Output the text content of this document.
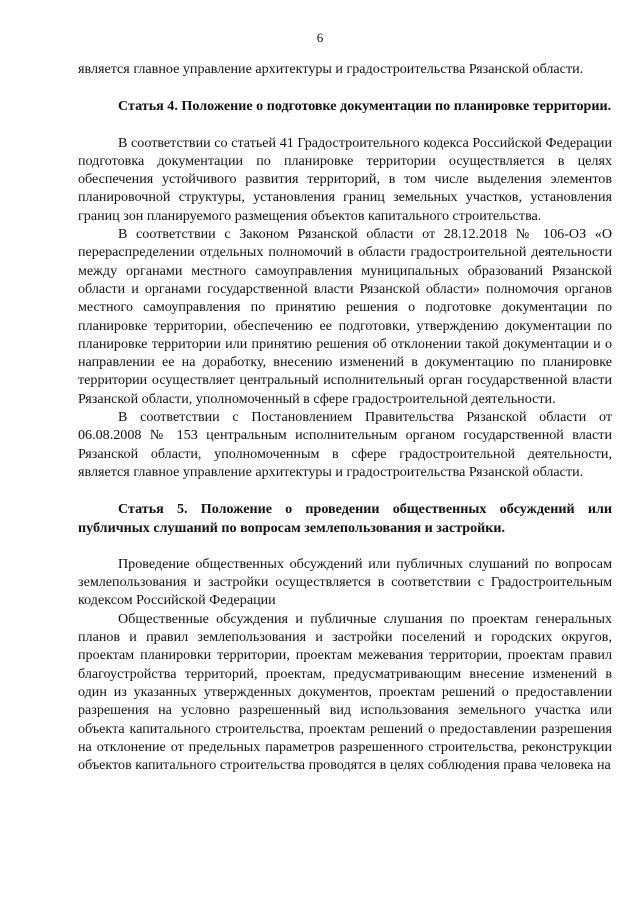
6

является главное управление архитектуры и градостроительства Рязанской области.

Статья 4. Положение о подготовке документации по планировке территории.

В соответствии со статьей 41 Градостроительного кодекса Российской Федерации подготовка документации по планировке территории осуществляется в целях обеспечения устойчивого развития территорий, в том числе выделения элементов планировочной структуры, установления границ земельных участков, установления границ зон планируемого размещения объектов капитального строительства.

В соответствии с Законом Рязанской области от 28.12.2018 № 106-ОЗ «О перераспределении отдельных полномочий в области градостроительной деятельности между органами местного самоуправления муниципальных образований Рязанской области и органами государственной власти Рязанской области» полномочия органов местного самоуправления по принятию решения о подготовке документации по планировке территории, обеспечению ее подготовки, утверждению документации по планировке территории или принятию решения об отклонении такой документации и о направлении ее на доработку, внесению изменений в документацию по планировке территории осуществляет центральный исполнительный орган государственной власти Рязанской области, уполномоченный в сфере градостроительной деятельности.

В соответствии с Постановлением Правительства Рязанской области от 06.08.2008 № 153 центральным исполнительным органом государственной власти Рязанской области, уполномоченным в сфере градостроительной деятельности, является главное управление архитектуры и градостроительства Рязанской области.

Статья 5. Положение о проведении общественных обсуждений или публичных слушаний по вопросам землепользования и застройки.

Проведение общественных обсуждений или публичных слушаний по вопросам землепользования и застройки осуществляется в соответствии с Градостроительным кодексом Российской Федерации

Общественные обсуждения и публичные слушания по проектам генеральных планов и правил землепользования и застройки поселений и городских округов, проектам планировки территории, проектам межевания территории, проектам правил благоустройства территорий, проектам, предусматривающим внесение изменений в один из указанных утвержденных документов, проектам решений о предоставлении разрешения на условно разрешенный вид использования земельного участка или объекта капитального строительства, проектам решений о предоставлении разрешения на отклонение от предельных параметров разрешенного строительства, реконструкции объектов капитального строительства проводятся в целях соблюдения права человека на
